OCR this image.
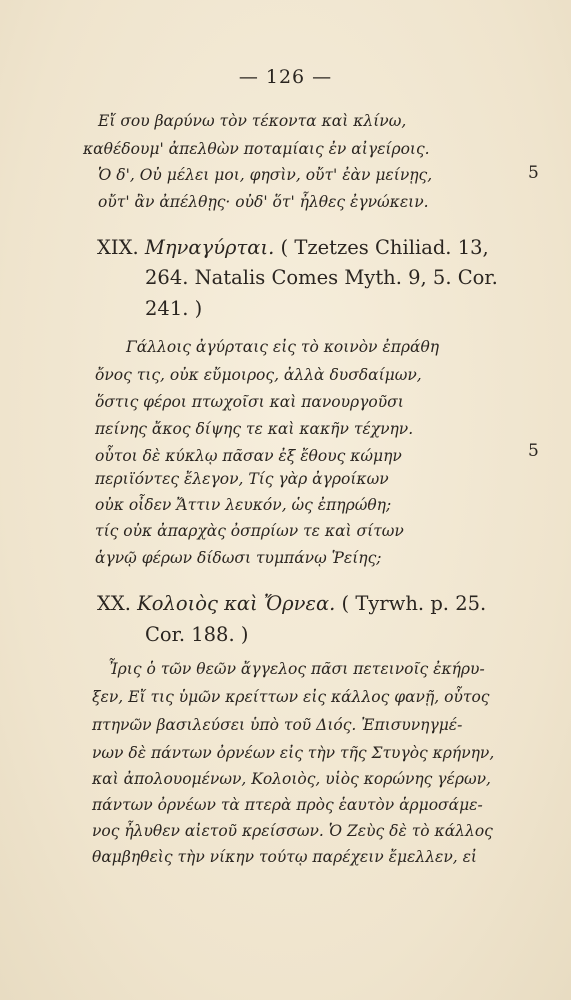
— 126 —
Εἴ σου βαρύνω τὸν τέκοντα καὶ κλίνω,
καθέδουμ' ἀπελθὼν ποταμίαις ἐν αἰγείροις.
Ὁ δ', Οὐ μέλει μοι, φησὶν, οὔτ' ἐὰν μείνῃς,	5
οὔτ' ἂν ἀπέλθῃς· οὐδ' ὅτ' ἦλθες ἐγνώκειν.
XIX. Μηναγύρται. ( Tzetzes Chiliad. 13,
264. Natalis Comes Myth. 9, 5. Cor.
241. )
Γάλλοις ἀγύρταις εἰς τὸ κοινὸν ἐπράθη
ὄνος τις, οὐκ εὔμοιρος, ἀλλὰ δυσδαίμων,
ὅστις φέροι πτωχοῖσι καὶ πανουργοῦσι
πείνης ἄκος δίψης τε καὶ κακῆν τέχνην.
οὗτοι δὲ κύκλῳ πᾶσαν ἐξ ἔθους κώμην	5
περιϊόντες ἔλεγον, Τίς γὰρ ἀγροίκων
οὐκ οἶδεν Ἄττιν λευκόν, ὡς ἐπηρώθη;
τίς οὐκ ἀπαρχὰς ὀσπρίων τε καὶ σίτων
ἁγνῷ φέρων δίδωσι τυμπάνῳ Ῥείης;
XX. Κολοιὸς καὶ Ὄρνεα. ( Tyrwh. p. 25.
Cor. 188. )
Ἶρις ὁ τῶν θεῶν ἄγγελος πᾶσι πετεινοῖς ἐκήρυ-
ξεν, Εἴ τις ὑμῶν κρείττων εἰς κάλλος φανῇ, οὗτος
πτηνῶν βασιλεύσει ὑπὸ τοῦ Διός. Ἐπισυνηγμέ-
νων δὲ πάντων ὀρνέων εἰς τὴν τῆς Στυγὸς κρήνην,
καὶ ἀπολουομένων, Κολοιὸς, υἱὸς κορώνης γέρων,
πάντων ὀρνέων τὰ πτερὰ πρὸς ἑαυτὸν ἁρμοσάμε-
νος ἦλυθεν αἰετοῦ κρείσσων. Ὁ Ζεὺς δὲ τὸ κάλλος
θαμβηθεὶς τὴν νίκην τούτῳ παρέχειν ἔμελλεν, εἰ
